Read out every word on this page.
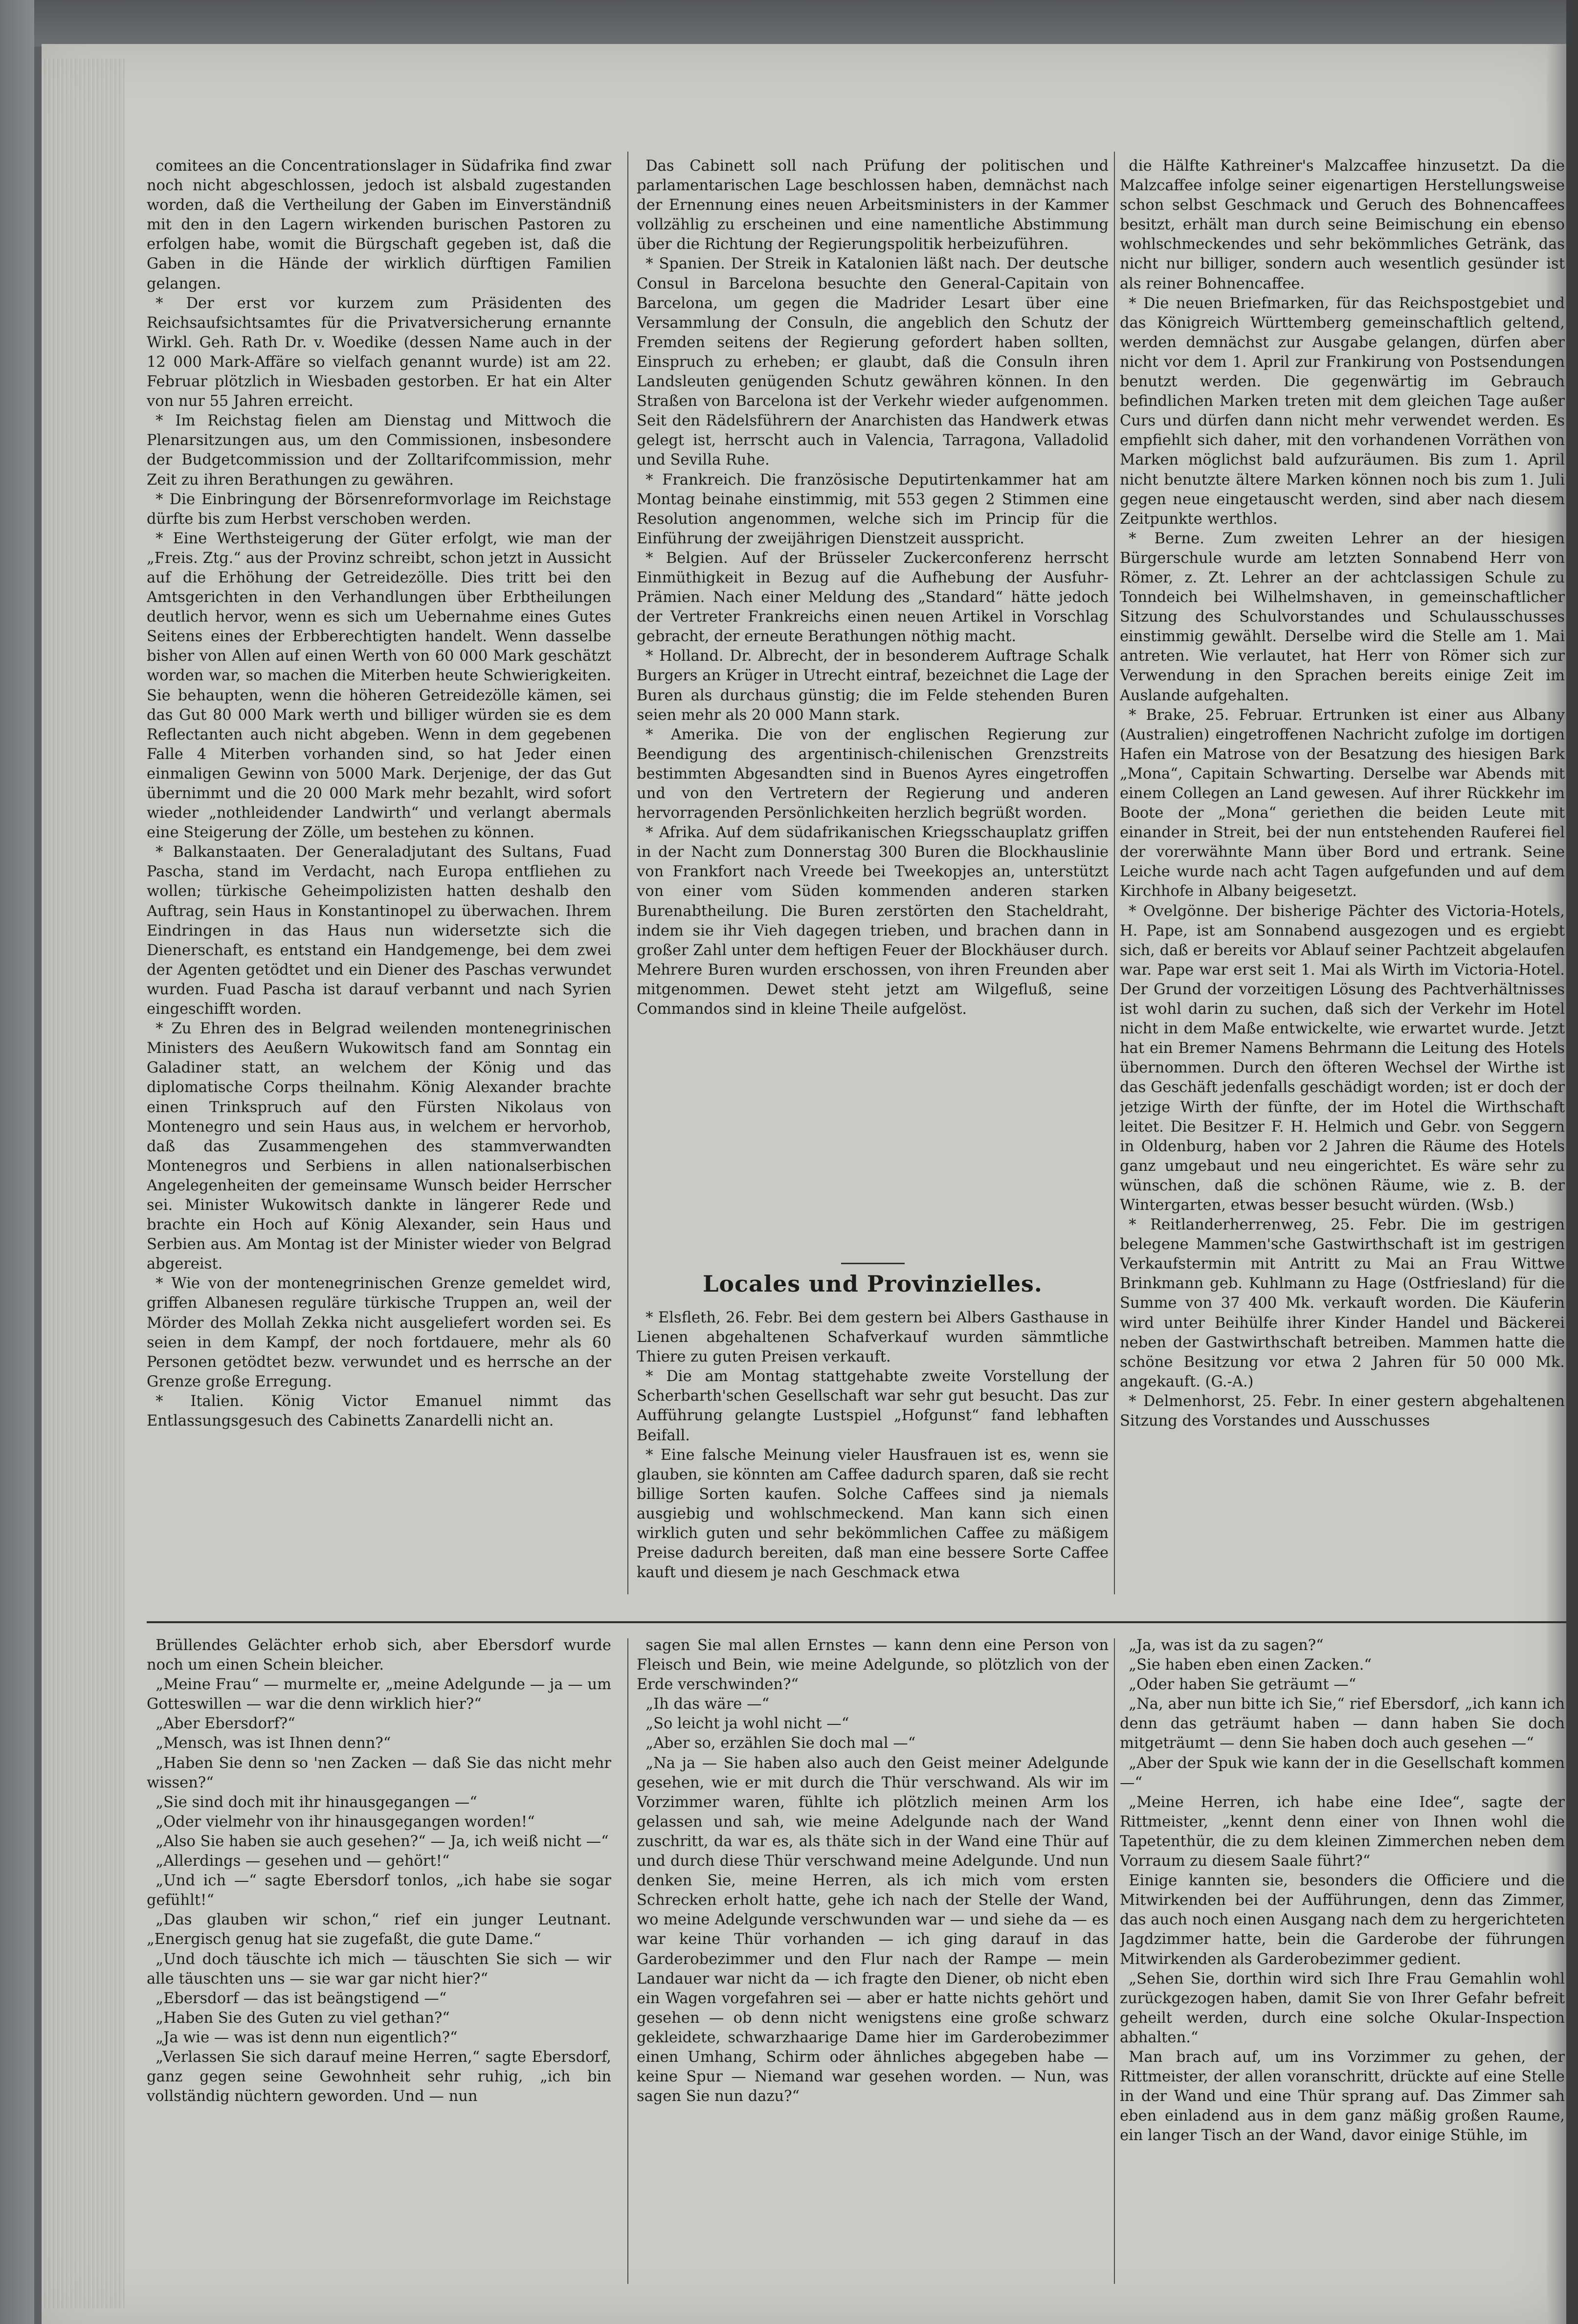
comitees an die Concentrationslager in Südafrika find zwar noch nicht abgeschlossen, jedoch ist alsbald zugestanden worden, daß die Vertheilung der Gaben im Einverständniß mit den in den Lagern wirkenden burischen Pastoren zu erfolgen habe, womit die Bürgschaft gegeben ist, daß die Gaben in die Hände der wirklich dürftigen Familien gelangen.

* Der erst vor kurzem zum Präsidenten des Reichsaufsichtsamtes für die Privatversicherung ernannte Wirkl. Geh. Rath Dr. v. Woedike (dessen Name auch in der 12 000 Mark-Affäre so vielfach genannt wurde) ist am 22. Februar plötzlich in Wiesbaden gestorben. Er hat ein Alter von nur 55 Jahren erreicht.

* Im Reichstag fielen am Dienstag und Mittwoch die Plenarsitzungen aus, um den Commissionen, insbesondere der Budgetcommission und der Zolltarifcommission, mehr Zeit zu ihren Berathungen zu gewähren.

* Die Einbringung der Börsenreformvorlage im Reichstage dürfte bis zum Herbst verschoben werden.

* Eine Werthsteigerung der Güter erfolgt, wie man der „Freis. Ztg.“ aus der Provinz schreibt, schon jetzt in Aussicht auf die Erhöhung der Getreidezölle. Dies tritt bei den Amtsgerichten in den Verhandlungen über Erbtheilungen deutlich hervor, wenn es sich um Uebernahme eines Gutes Seitens eines der Erbberechtigten handelt. Wenn dasselbe bisher von Allen auf einen Werth von 60 000 Mark geschätzt worden war, so machen die Miterben heute Schwierigkeiten. Sie behaupten, wenn die höheren Getreidezölle kämen, sei das Gut 80 000 Mark werth und billiger würden sie es dem Reflectanten auch nicht abgeben. Wenn in dem gegebenen Falle 4 Miterben vorhanden sind, so hat Jeder einen einmaligen Gewinn von 5000 Mark. Derjenige, der das Gut übernimmt und die 20 000 Mark mehr bezahlt, wird sofort wieder „nothleidender Landwirth“ und verlangt abermals eine Steigerung der Zölle, um bestehen zu können.

* Balkanstaaten. Der Generaladjutant des Sultans, Fuad Pascha, stand im Verdacht, nach Europa entfliehen zu wollen; türkische Geheimpolizisten hatten deshalb den Auftrag, sein Haus in Konstantinopel zu überwachen. Ihrem Eindringen in das Haus nun widersetzte sich die Dienerschaft, es entstand ein Handgemenge, bei dem zwei der Agenten getödtet und ein Diener des Paschas verwundet wurden. Fuad Pascha ist darauf verbannt und nach Syrien eingeschifft worden.

* Zu Ehren des in Belgrad weilenden montenegrinischen Ministers des Aeußern Wukowitsch fand am Sonntag ein Galadiner statt, an welchem der König und das diplomatische Corps theilnahm. König Alexander brachte einen Trinkspruch auf den Fürsten Nikolaus von Montenegro und sein Haus aus, in welchem er hervorhob, daß das Zusammengehen des stammverwandten Montenegros und Serbiens in allen nationalserbischen Angelegenheiten der gemeinsame Wunsch beider Herrscher sei. Minister Wukowitsch dankte in längerer Rede und brachte ein Hoch auf König Alexander, sein Haus und Serbien aus. Am Montag ist der Minister wieder von Belgrad abgereist.

* Wie von der montenegrinischen Grenze gemeldet wird, griffen Albanesen reguläre türkische Truppen an, weil der Mörder des Mollah Zekka nicht ausgeliefert worden sei. Es seien in dem Kampf, der noch fortdauere, mehr als 60 Personen getödtet bezw. verwundet und es herrsche an der Grenze große Erregung.

* Italien. König Victor Emanuel nimmt das Entlassungsgesuch des Cabinetts Zanardelli nicht an.

Das Cabinett soll nach Prüfung der politischen und parlamentarischen Lage beschlossen haben, demnächst nach der Ernennung eines neuen Arbeitsministers in der Kammer vollzählig zu erscheinen und eine namentliche Abstimmung über die Richtung der Regierungspolitik herbeizuführen.

* Spanien. Der Streik in Katalonien läßt nach. Der deutsche Consul in Barcelona besuchte den General-Capitain von Barcelona, um gegen die Madrider Lesart über eine Versammlung der Consuln, die angeblich den Schutz der Fremden seitens der Regierung gefordert haben sollten, Einspruch zu erheben; er glaubt, daß die Consuln ihren Landsleuten genügenden Schutz gewähren können. In den Straßen von Barcelona ist der Verkehr wieder aufgenommen. Seit den Rädelsführern der Anarchisten das Handwerk etwas gelegt ist, herrscht auch in Valencia, Tarragona, Valladolid und Sevilla Ruhe.

* Frankreich. Die französische Deputirtenkammer hat am Montag beinahe einstimmig, mit 553 gegen 2 Stimmen eine Resolution angenommen, welche sich im Princip für die Einführung der zweijährigen Dienstzeit ausspricht.

* Belgien. Auf der Brüsseler Zuckerconferenz herrscht Einmüthigkeit in Bezug auf die Aufhebung der Ausfuhr-Prämien. Nach einer Meldung des „Standard“ hätte jedoch der Vertreter Frankreichs einen neuen Artikel in Vorschlag gebracht, der erneute Berathungen nöthig macht.

* Holland. Dr. Albrecht, der in besonderem Auftrage Schalk Burgers an Krüger in Utrecht eintraf, bezeichnet die Lage der Buren als durchaus günstig; die im Felde stehenden Buren seien mehr als 20 000 Mann stark.

* Amerika. Die von der englischen Regierung zur Beendigung des argentinisch-chilenischen Grenzstreits bestimmten Abgesandten sind in Buenos Ayres eingetroffen und von den Vertretern der Regierung und anderen hervorragenden Persönlichkeiten herzlich begrüßt worden.

* Afrika. Auf dem südafrikanischen Kriegsschauplatz griffen in der Nacht zum Donnerstag 300 Buren die Blockhauslinie von Frankfort nach Vreede bei Tweekopjes an, unterstützt von einer vom Süden kommenden anderen starken Burenabtheilung. Die Buren zerstörten den Stacheldraht, indem sie ihr Vieh dagegen trieben, und brachen dann in großer Zahl unter dem heftigen Feuer der Blockhäuser durch. Mehrere Buren wurden erschossen, von ihren Freunden aber mitgenommen. Dewet steht jetzt am Wilgefluß, seine Commandos sind in kleine Theile aufgelöst.

Locales und Provinzielles.

* Elsfleth, 26. Febr. Bei dem gestern bei Albers Gasthause in Lienen abgehaltenen Schafverkauf wurden sämmtliche Thiere zu guten Preisen verkauft.

* Die am Montag stattgehabte zweite Vorstellung der Scherbarth'schen Gesellschaft war sehr gut besucht. Das zur Aufführung gelangte Lustspiel „Hofgunst“ fand lebhaften Beifall.

* Eine falsche Meinung vieler Hausfrauen ist es, wenn sie glauben, sie könnten am Caffee dadurch sparen, daß sie recht billige Sorten kaufen. Solche Caffees sind ja niemals ausgiebig und wohlschmeckend. Man kann sich einen wirklich guten und sehr bekömmlichen Caffee zu mäßigem Preise dadurch bereiten, daß man eine bessere Sorte Caffee kauft und diesem je nach Geschmack etwa

die Hälfte Kathreiner's Malzcaffee hinzusetzt. Da die Malzcaffee infolge seiner eigenartigen Herstellungsweise schon selbst Geschmack und Geruch des Bohnencaffees besitzt, erhält man durch seine Beimischung ein ebenso wohlschmeckendes und sehr bekömmliches Getränk, das nicht nur billiger, sondern auch wesentlich gesünder ist als reiner Bohnencaffee.

* Die neuen Briefmarken, für das Reichspostgebiet und das Königreich Württemberg gemeinschaftlich geltend, werden demnächst zur Ausgabe gelangen, dürfen aber nicht vor dem 1. April zur Frankirung von Postsendungen benutzt werden. Die gegenwärtig im Gebrauch befindlichen Marken treten mit dem gleichen Tage außer Curs und dürfen dann nicht mehr verwendet werden. Es empfiehlt sich daher, mit den vorhandenen Vorräthen von Marken möglichst bald aufzuräumen. Bis zum 1. April nicht benutzte ältere Marken können noch bis zum 1. Juli gegen neue eingetauscht werden, sind aber nach diesem Zeitpunkte werthlos.

* Berne. Zum zweiten Lehrer an der hiesigen Bürgerschule wurde am letzten Sonnabend Herr von Römer, z. Zt. Lehrer an der achtclassigen Schule zu Tonndeich bei Wilhelmshaven, in gemeinschaftlicher Sitzung des Schulvorstandes und Schulausschusses einstimmig gewählt. Derselbe wird die Stelle am 1. Mai antreten. Wie verlautet, hat Herr von Römer sich zur Verwendung in den Sprachen bereits einige Zeit im Auslande aufgehalten.

* Brake, 25. Februar. Ertrunken ist einer aus Albany (Australien) eingetroffenen Nachricht zufolge im dortigen Hafen ein Matrose von der Besatzung des hiesigen Bark „Mona“, Capitain Schwarting. Derselbe war Abends mit einem Collegen an Land gewesen. Auf ihrer Rückkehr im Boote der „Mona“ geriethen die beiden Leute mit einander in Streit, bei der nun entstehenden Rauferei fiel der vorerwähnte Mann über Bord und ertrank. Seine Leiche wurde nach acht Tagen aufgefunden und auf dem Kirchhofe in Albany beigesetzt.

* Ovelgönne. Der bisherige Pächter des Victoria-Hotels, H. Pape, ist am Sonnabend ausgezogen und es ergiebt sich, daß er bereits vor Ablauf seiner Pachtzeit abgelaufen war. Pape war erst seit 1. Mai als Wirth im Victoria-Hotel. Der Grund der vorzeitigen Lösung des Pachtverhältnisses ist wohl darin zu suchen, daß sich der Verkehr im Hotel nicht in dem Maße entwickelte, wie erwartet wurde. Jetzt hat ein Bremer Namens Behrmann die Leitung des Hotels übernommen. Durch den öfteren Wechsel der Wirthe ist das Geschäft jedenfalls geschädigt worden; ist er doch der jetzige Wirth der fünfte, der im Hotel die Wirthschaft leitet. Die Besitzer F. H. Helmich und Gebr. von Seggern in Oldenburg, haben vor 2 Jahren die Räume des Hotels ganz umgebaut und neu eingerichtet. Es wäre sehr zu wünschen, daß die schönen Räume, wie z. B. der Wintergarten, etwas besser besucht würden. (Wsb.)

* Reitlanderherrenweg, 25. Febr. Die im gestrigen belegene Mammen'sche Gastwirthschaft ist im gestrigen Verkaufstermin mit Antritt zu Mai an Frau Wittwe Brinkmann geb. Kuhlmann zu Hage (Ostfriesland) für die Summe von 37 400 Mk. verkauft worden. Die Käuferin wird unter Beihülfe ihrer Kinder Handel und Bäckerei neben der Gastwirthschaft betreiben. Mammen hatte die schöne Besitzung vor etwa 2 Jahren für 50 000 Mk. angekauft. (G.-A.)

* Delmenhorst, 25. Febr. In einer gestern abgehaltenen Sitzung des Vorstandes und Ausschusses

Brüllendes Gelächter erhob sich, aber Ebersdorf wurde noch um einen Schein bleicher.

„Meine Frau“ — murmelte er, „meine Adelgunde — ja — um Gotteswillen — war die denn wirklich hier?“

„Aber Ebersdorf?“

„Mensch, was ist Ihnen denn?“

„Haben Sie denn so 'nen Zacken — daß Sie das nicht mehr wissen?“

„Sie sind doch mit ihr hinausgegangen —“

„Oder vielmehr von ihr hinausgegangen worden!“

„Also Sie haben sie auch gesehen?“ — Ja, ich weiß nicht —“

„Allerdings — gesehen und — gehört!“

„Und ich —“ sagte Ebersdorf tonlos, „ich habe sie sogar gefühlt!“

„Das glauben wir schon,“ rief ein junger Leutnant. „Energisch genug hat sie zugefaßt, die gute Dame.“

„Und doch täuschte ich mich — täuschten Sie sich — wir alle täuschten uns — sie war gar nicht hier?“

„Ebersdorf — das ist beängstigend —“

„Haben Sie des Guten zu viel gethan?“

„Ja wie — was ist denn nun eigentlich?“

„Verlassen Sie sich darauf meine Herren,“ sagte Ebersdorf, ganz gegen seine Gewohnheit sehr ruhig, „ich bin vollständig nüchtern geworden. Und — nun

sagen Sie mal allen Ernstes — kann denn eine Person von Fleisch und Bein, wie meine Adelgunde, so plötzlich von der Erde verschwinden?“

„Ih das wäre —“

„So leicht ja wohl nicht —“

„Aber so, erzählen Sie doch mal —“

„Na ja — Sie haben also auch den Geist meiner Adelgunde gesehen, wie er mit durch die Thür verschwand. Als wir im Vorzimmer waren, fühlte ich plötzlich meinen Arm los gelassen und sah, wie meine Adelgunde nach der Wand zuschritt, da war es, als thäte sich in der Wand eine Thür auf und durch diese Thür verschwand meine Adelgunde. Und nun denken Sie, meine Herren, als ich mich vom ersten Schrecken erholt hatte, gehe ich nach der Stelle der Wand, wo meine Adelgunde verschwunden war — und siehe da — es war keine Thür vorhanden — ich ging darauf in das Garderobezimmer und den Flur nach der Rampe — mein Landauer war nicht da — ich fragte den Diener, ob nicht eben ein Wagen vorgefahren sei — aber er hatte nichts gehört und gesehen — ob denn nicht wenigstens eine große schwarz gekleidete, schwarzhaarige Dame hier im Garderobezimmer einen Umhang, Schirm oder ähnliches abgegeben habe — keine Spur — Niemand war gesehen worden. — Nun, was sagen Sie nun dazu?“

„Ja, was ist da zu sagen?“

„Sie haben eben einen Zacken.“

„Oder haben Sie geträumt —“

„Na, aber nun bitte ich Sie,“ rief Ebersdorf, „ich kann ich denn das geträumt haben — dann haben Sie doch mitgeträumt — denn Sie haben doch auch gesehen —“

„Aber der Spuk wie kann der in die Gesellschaft kommen —“

„Meine Herren, ich habe eine Idee“, sagte der Rittmeister, „kennt denn einer von Ihnen wohl die Tapetenthür, die zu dem kleinen Zimmerchen neben dem Vorraum zu diesem Saale führt?“

Einige kannten sie, besonders die Officiere und die Mitwirkenden bei der Aufführungen, denn das Zimmer, das auch noch einen Ausgang nach dem zu hergerichteten Jagdzimmer hatte, bein die Garderobe der führungen Mitwirkenden als Garderobezimmer gedient.

„Sehen Sie, dorthin wird sich Ihre Frau Gemahlin wohl zurückgezogen haben, damit Sie von Ihrer Gefahr befreit geheilt werden, durch eine solche Okular-Inspection abhalten.“

Man brach auf, um ins Vorzimmer zu gehen, der Rittmeister, der allen voranschritt, drückte auf eine Stelle in der Wand und eine Thür sprang auf. Das Zimmer sah eben einladend aus in dem ganz mäßig großen Raume, ein langer Tisch an der Wand, davor einige Stühle, im
